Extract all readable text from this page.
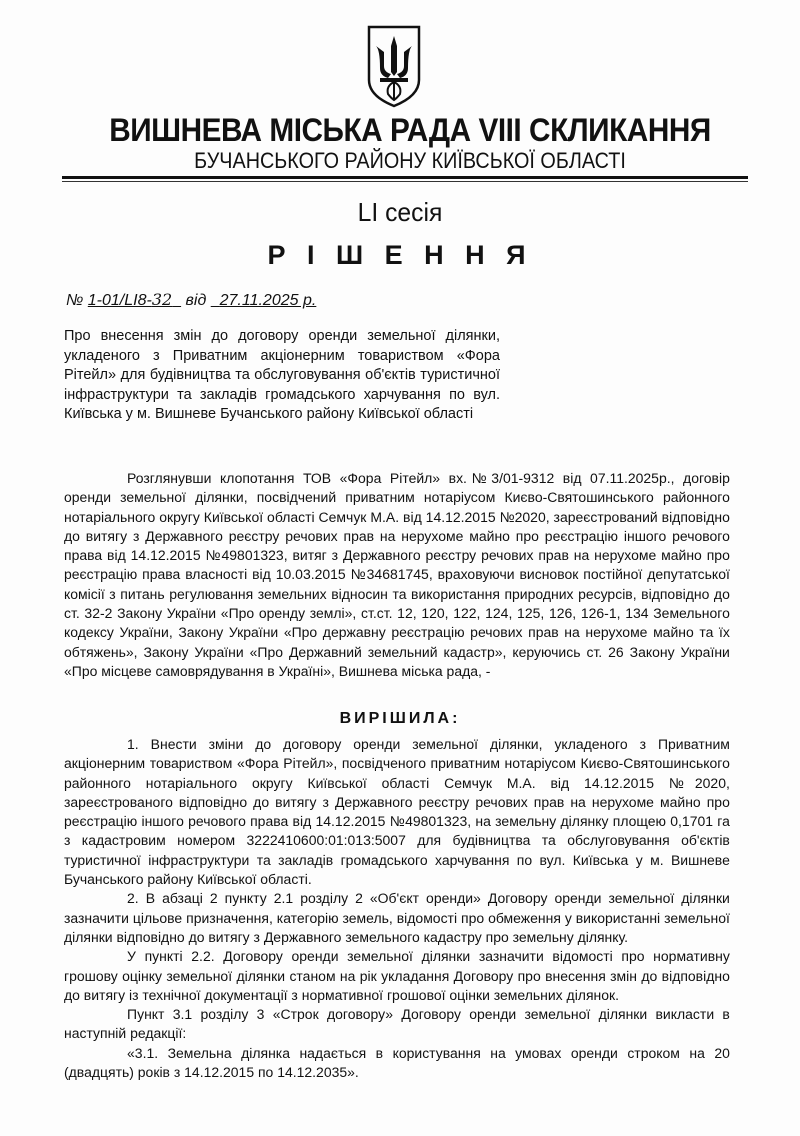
ВИШНЕВА МІСЬКА РАДА VIII СКЛИКАННЯ
БУЧАНСЬКОГО РАЙОНУ КИЇВСЬКОЇ ОБЛАСТІ
LI сесія
Р І Ш Е Н Н Я
№ 1-01/LI8-32 від 27.11.2025 р.
Про внесення змін до договору оренди земельної ділянки, укладеного з Приватним акціонерним товариством «Фора Рітейл» для будівництва та обслуговування об'єктів туристичної інфраструктури та закладів громадського харчування по вул. Київська у м. Вишневе Бучанського району Київської області

Розглянувши клопотання ТОВ «Фора Рітейл» вх.№3/01-9312 від 07.11.2025р., договір оренди земельної ділянки, посвідчений приватним нотаріусом Києво-Святошинського районного нотаріального округу Київської області Семчук М.А. від 14.12.2015 №2020, зареєстрований відповідно до витягу з Державного реєстру речових прав на нерухоме майно про реєстрацію іншого речового права від 14.12.2015 №49801323, витяг з Державного реєстру речових прав на нерухоме майно про реєстрацію права власності від 10.03.2015 №34681745, враховуючи висновок постійної депутатської комісії з питань регулювання земельних відносин та використання природних ресурсів, відповідно до ст. 32-2 Закону України «Про оренду землі», ст.ст. 12, 120, 122, 124, 125, 126, 126-1, 134 Земельного кодексу України, Закону України «Про державну реєстрацію речових прав на нерухоме майно та їх обтяжень», Закону України «Про Державний земельний кадастр», керуючись ст. 26 Закону України «Про місцеве самоврядування в Україні», Вишнева міська рада, -

ВИРІШИЛА:

1. Внести зміни до договору оренди земельної ділянки, укладеного з Приватним акціонерним товариством «Фора Рітейл», посвідченого приватним нотаріусом Києво-Святошинського районного нотаріального округу Київської області Семчук М.А. від 14.12.2015 №2020, зареєстрованого відповідно до витягу з Державного реєстру речових прав на нерухоме майно про реєстрацію іншого речового права від 14.12.2015 №49801323, на земельну ділянку площею 0,1701 га з кадастровим номером 3222410600:01:013:5007 для будівництва та обслуговування об'єктів туристичної інфраструктури та закладів громадського харчування по вул. Київська у м. Вишневе Бучанського району Київської області.

2. В абзаці 2 пункту 2.1 розділу 2 «Об'єкт оренди» Договору оренди земельної ділянки зазначити цільове призначення, категорію земель, відомості про обмеження у використанні земельної ділянки відповідно до витягу з Державного земельного кадастру про земельну ділянку.

У пункті 2.2. Договору оренди земельної ділянки зазначити відомості про нормативну грошову оцінку земельної ділянки станом на рік укладання Договору про внесення змін до відповідно до витягу із технічної документації з нормативної грошової оцінки земельних ділянок.

Пункт 3.1 розділу 3 «Строк договору» Договору оренди земельної ділянки викласти в наступній редакції:

«3.1. Земельна ділянка надається в користування на умовах оренди строком на 20 (двадцять) років з 14.12.2015 по 14.12.2035».
